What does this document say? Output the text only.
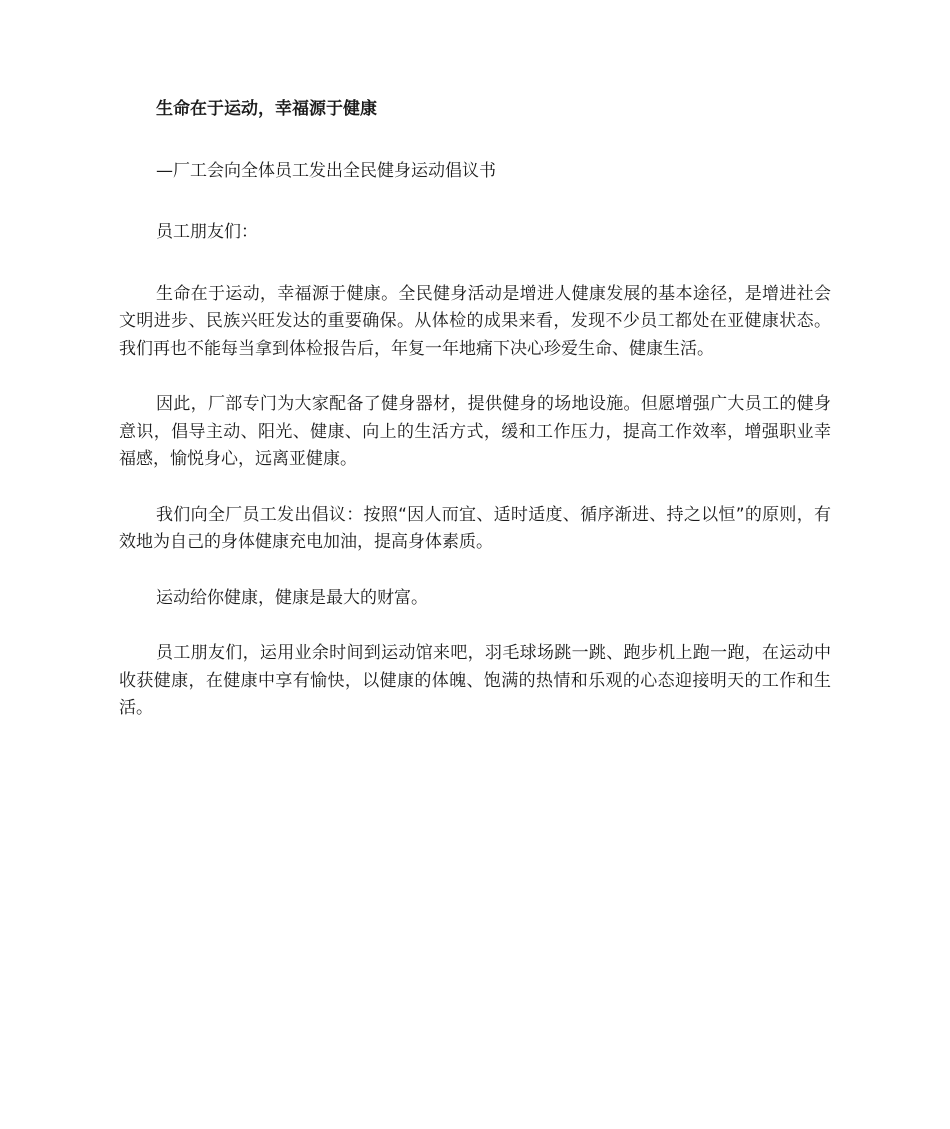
生命在于运动，幸福源于健康

—厂工会向全体员工发出全民健身运动倡议书

员工朋友们：

生命在于运动，幸福源于健康。全民健身活动是增进人健康发展的基本途径，是增进社会文明进步、民族兴旺发达的重要确保。从体检的成果来看，发现不少员工都处在亚健康状态。我们再也不能每当拿到体检报告后，年复一年地痛下决心珍爱生命、健康生活。

因此，厂部专门为大家配备了健身器材，提供健身的场地设施。但愿增强广大员工的健身意识，倡导主动、阳光、健康、向上的生活方式，缓和工作压力，提高工作效率，增强职业幸福感，愉悦身心，远离亚健康。

我们向全厂员工发出倡议：按照“因人而宜、适时适度、循序渐进、持之以恒”的原则，有效地为自己的身体健康充电加油，提高身体素质。

运动给你健康，健康是最大的财富。

员工朋友们，运用业余时间到运动馆来吧，羽毛球场跳一跳、跑步机上跑一跑，在运动中收获健康，在健康中享有愉快，以健康的体魄、饱满的热情和乐观的心态迎接明天的工作和生活。
